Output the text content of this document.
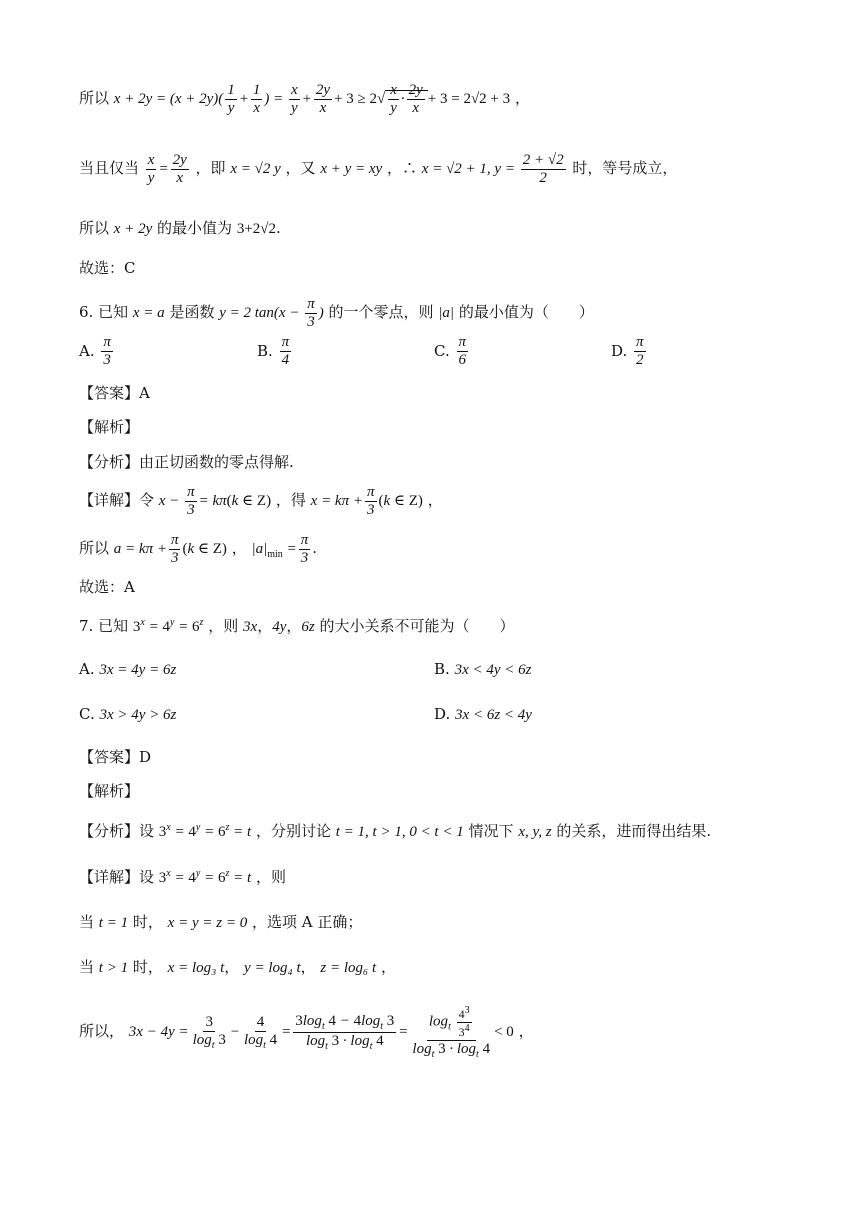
所以 $x + 2y = (x + 2y)( \frac{1}{y} + \frac{1}{x}$ ) = $\frac{x}{y} + \frac{2y}{x} + 3 \ge 2√ \frac{x}{y} \cdot \frac{2y}{x} + 3 = 2√2 + 3$ ，
当且仅当 $\frac{x}{y} = \frac{2y}{x}$ ，即 x = √2 y ，又 x + y = xy ，∴ x = √2 + 1, $y = \frac{2 + √2}{2}$ 时，等号成立，
所以 x + 2y 的最小值为 3+2√2.
故选：C
6. 已知 x = a 是函数 y = 2 $\tan(x - \frac{\pi}{3}$ ) 的一个零点，则 |a| 的最小值为（　　）
A. $\frac{\pi}{3}$	B. $\frac{\pi}{4}$	C. $\frac{\pi}{6}$	D. $\frac{\pi}{2}$
【答案】A
【解析】
【分析】由正切函数的零点得解.
【详解】令 $x - \frac{\pi}{3} = k\pi(k$ ∈ Z) ，得 $x = k\pi + \frac{\pi}{3} (k$ ∈ Z) ，
所以 $a = k\pi + \frac{\pi}{3} (k$ ∈ Z) ， $|a|_{min} = \frac{\pi}{3}$ .
故选：A
7. 已知 $3^x = 4^y = 6^z$ ，则 3x，4y，6z 的大小关系不可能为（　　）
A. 3x = 4y = 6z	B. 3x < 4y < 6z
C. 3x > 4y > 6z	D. 3x < 6z < 4y
【答案】D
【解析】
【分析】设 $3^x = 4^y = 6^z = t$ ，分别讨论 t = 1, t > 1, 0 < t < 1 情况下 x, y, z 的关系，进而得出结果.
【详解】设 $3^x = 4^y = 6^z = t$ ，则
当 t = 1 时， x = y = z = 0 ，选项 A 正确；
当 t > 1 时， x = log₃ t， y = log₄ t， z = log₆ t ，
所以， $3x - 4y = \frac{3}{\log_t 3} - \frac{4}{\log_t 4} = \frac{3\log_t 4 - 4\log_t 3}{\log_t 3 \cdot \log_t 4} = \frac{\log_t \frac{4^3}{3^4}}{\log_t 3 \cdot \log_t 4} < 0$ ，
